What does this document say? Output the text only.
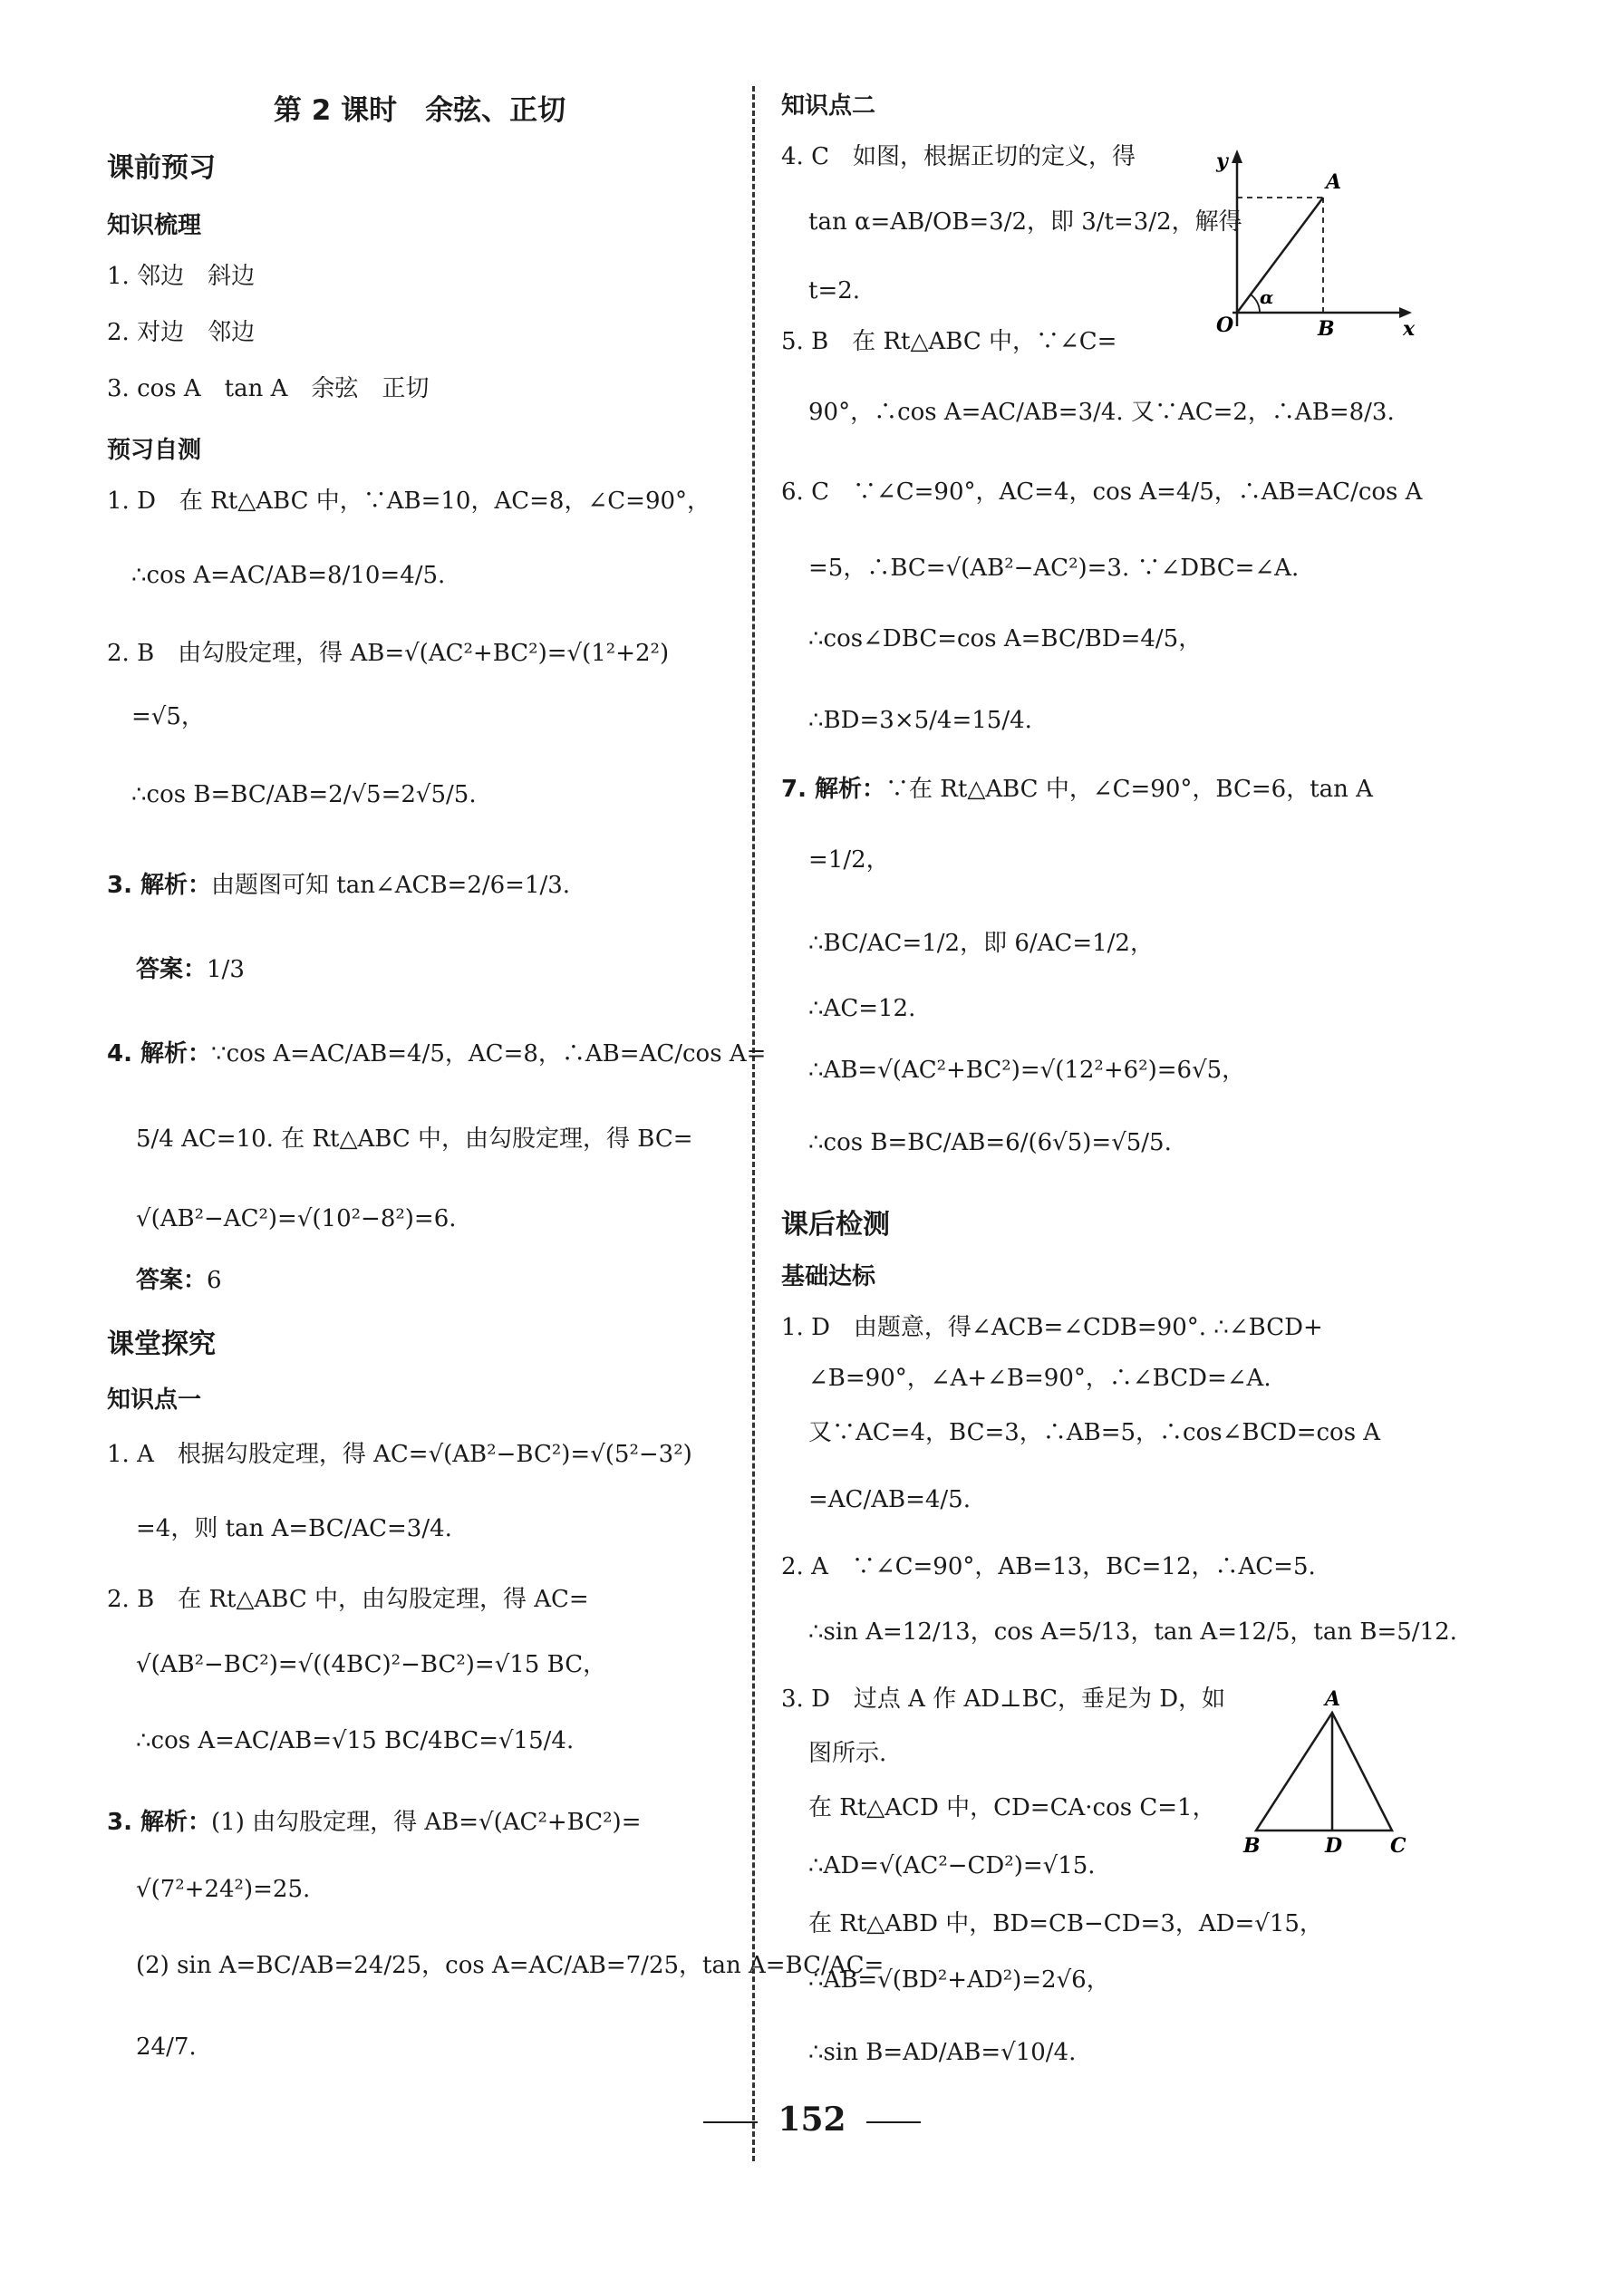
第 2 课时　余弦、正切
课前预习
知识梳理
1. 邻边　斜边
2. 对边　邻边
3. cos A　tan A　余弦　正切
预习自测
1. D　在 Rt△ABC 中，∵AB=10，AC=8，∠C=90°，
∴cos A=AC/AB=8/10=4/5.
2. B　由勾股定理，得 AB=√(AC²+BC²)=√(1²+2²)
=√5，
∴cos B=BC/AB=2/√5=2√5/5.
3. 解析：由题图可知 tan∠ACB=2/6=1/3.
答案：1/3
4. 解析：∵cos A=AC/AB=4/5，AC=8，∴AB=AC/cos A=
5/4 AC=10. 在 Rt△ABC 中，由勾股定理，得 BC=
√(AB²−AC²)=√(10²−8²)=6.
答案：6
课堂探究
知识点一
1. A　根据勾股定理，得 AC=√(AB²−BC²)=√(5²−3²)
=4，则 tan A=BC/AC=3/4.
2. B　在 Rt△ABC 中，由勾股定理，得 AC=
√(AB²−BC²)=√((4BC)²−BC²)=√15 BC，
∴cos A=AC/AB=√15 BC/4BC=√15/4.
3. 解析：(1) 由勾股定理，得 AB=√(AC²+BC²)=
√(7²+24²)=25.
(2) sin A=BC/AB=24/25，cos A=AC/AB=7/25，tan A=BC/AC=
24/7.
知识点二
4. C　如图，根据正切的定义，得
tan α=AB/OB=3/2，即 3/t=3/2，解得
t=2.
y
x
A
O	B
α
5. B　在 Rt△ABC 中，∵∠C=
90°，∴cos A=AC/AB=3/4. 又∵AC=2，∴AB=8/3.
6. C　∵∠C=90°，AC=4，cos A=4/5，∴AB=AC/cos A
=5，∴BC=√(AB²−AC²)=3. ∵∠DBC=∠A.
∴cos∠DBC=cos A=BC/BD=4/5，
∴BD=3×5/4=15/4.
7. 解析：∵在 Rt△ABC 中，∠C=90°，BC=6，tan A
=1/2，
∴BC/AC=1/2，即 6/AC=1/2，
∴AC=12.
∴AB=√(AC²+BC²)=√(12²+6²)=6√5，
∴cos B=BC/AB=6/(6√5)=√5/5.
课后检测
基础达标
1. D　由题意，得∠ACB=∠CDB=90°. ∴∠BCD+
∠B=90°，∠A+∠B=90°，∴∠BCD=∠A.
又∵AC=4，BC=3，∴AB=5，∴cos∠BCD=cos A
=AC/AB=4/5.
2. A　∵∠C=90°，AB=13，BC=12，∴AC=5.
∴sin A=12/13，cos A=5/13，tan A=12/5，tan B=5/12.
3. D　过点 A 作 AD⊥BC，垂足为 D，如
图所示.
A
B	D C
在 Rt△ACD 中，CD=CA·cos C=1，
∴AD=√(AC²−CD²)=√15.
在 Rt△ABD 中，BD=CB−CD=3，AD=√15，
∴AB=√(BD²+AD²)=2√6，
∴sin B=AD/AB=√10/4.
152
